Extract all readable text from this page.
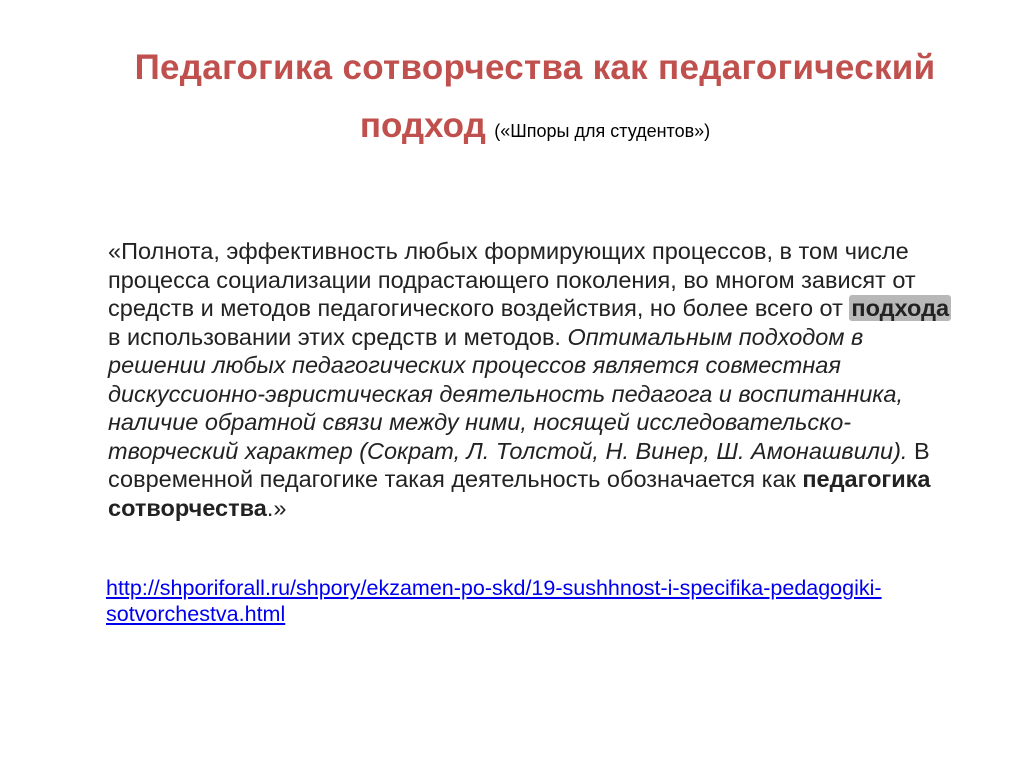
Педагогика сотворчества как педагогический
подход («Шпоры для студентов»)
«Полнота, эффективность любых формирующих процессов, в том числе процесса социализации подрастающего поколения, во многом зависят от средств и методов педагогического воздействия, но более всего от подхода в использовании этих средств и методов. Оптимальным подходом в решении любых педагогических процессов является совместная дискуссионно-эвристическая деятельность педагога и воспитанника, наличие обратной связи между ними, носящей исследовательско-творческий характер (Сократ, Л. Толстой, Н. Винер, Ш. Амонашвили). В современной педагогике такая деятельность обозначается как педагогика сотворчества.»
http://shporiforall.ru/shpory/ekzamen-po-skd/19-sushhnost-i-specifika-pedagogiki-sotvorchestva.html
